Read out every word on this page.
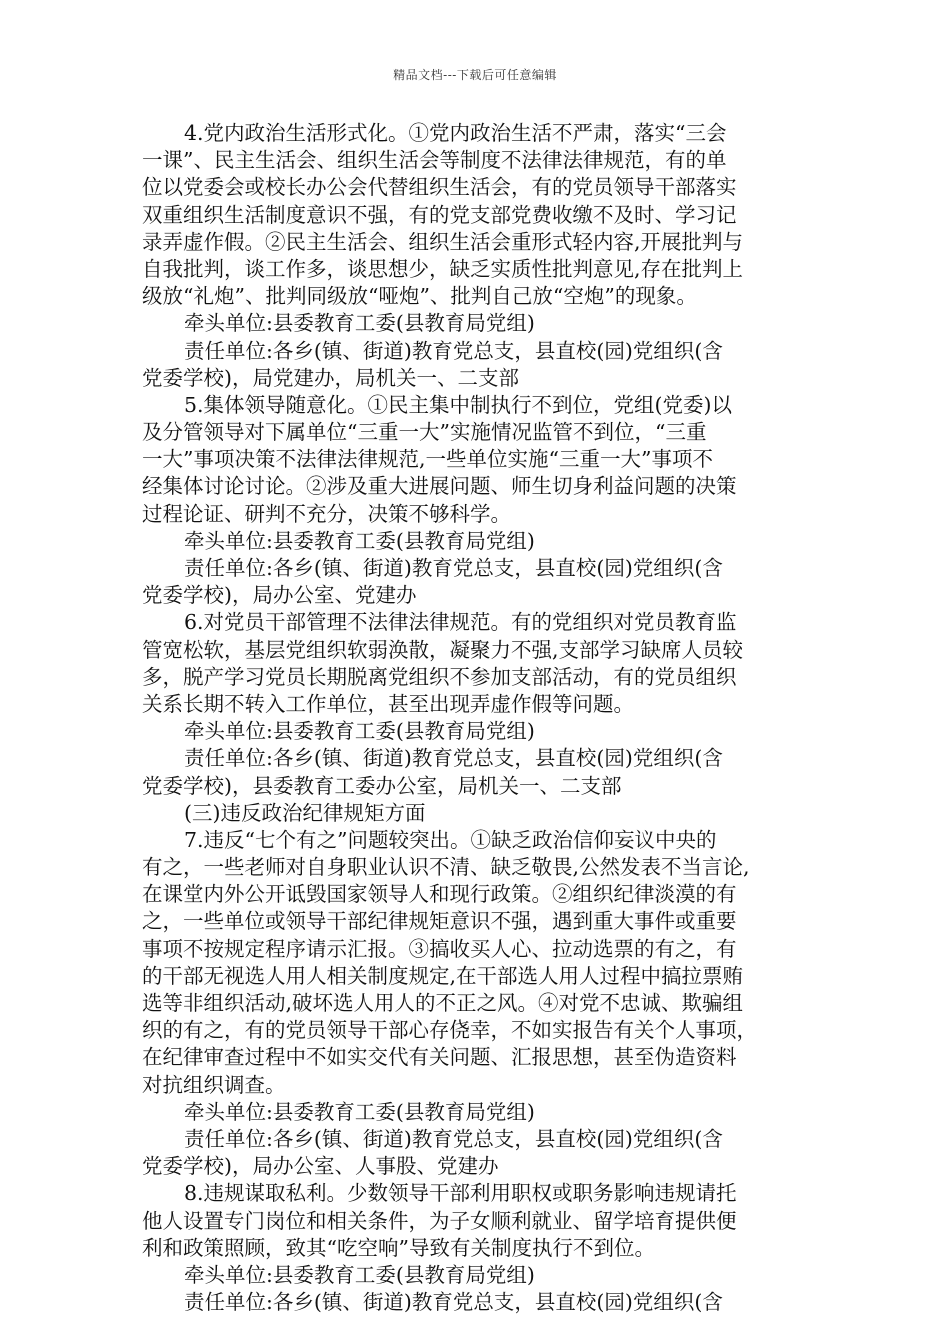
精品文档---下载后可任意编辑
4.党内政治生活形式化。①党内政治生活不严肃，落实“三会
一课”、民主生活会、组织生活会等制度不法律法律规范，有的单
位以党委会或校长办公会代替组织生活会，有的党员领导干部落实
双重组织生活制度意识不强，有的党支部党费收缴不及时、学习记
录弄虚作假。②民主生活会、组织生活会重形式轻内容,开展批判与
自我批判，谈工作多，谈思想少，缺乏实质性批判意见,存在批判上
级放“礼炮”、批判同级放“哑炮”、批判自己放“空炮”的现象。
牵头单位:县委教育工委(县教育局党组)
责任单位:各乡(镇、街道)教育党总支，县直校(园)党组织(含
党委学校)，局党建办，局机关一、二支部
5.集体领导随意化。①民主集中制执行不到位，党组(党委)以
及分管领导对下属单位“三重一大”实施情况监管不到位，“三重
一大”事项决策不法律法律规范,一些单位实施“三重一大”事项不
经集体讨论讨论。②涉及重大进展问题、师生切身利益问题的决策
过程论证、研判不充分，决策不够科学。
牵头单位:县委教育工委(县教育局党组)
责任单位:各乡(镇、街道)教育党总支，县直校(园)党组织(含
党委学校)，局办公室、党建办
6.对党员干部管理不法律法律规范。有的党组织对党员教育监
管宽松软，基层党组织软弱涣散，凝聚力不强,支部学习缺席人员较
多，脱产学习党员长期脱离党组织不参加支部活动，有的党员组织
关系长期不转入工作单位，甚至出现弄虚作假等问题。
牵头单位:县委教育工委(县教育局党组)
责任单位:各乡(镇、街道)教育党总支，县直校(园)党组织(含
党委学校)，县委教育工委办公室，局机关一、二支部
(三)违反政治纪律规矩方面
7.违反“七个有之”问题较突出。①缺乏政治信仰妄议中央的
有之，一些老师对自身职业认识不清、缺乏敬畏,公然发表不当言论,
在课堂内外公开诋毁国家领导人和现行政策。②组织纪律淡漠的有
之，一些单位或领导干部纪律规矩意识不强，遇到重大事件或重要
事项不按规定程序请示汇报。③搞收买人心、拉动选票的有之，有
的干部无视选人用人相关制度规定,在干部选人用人过程中搞拉票贿
选等非组织活动,破坏选人用人的不正之风。④对党不忠诚、欺骗组
织的有之，有的党员领导干部心存侥幸，不如实报告有关个人事项，
在纪律审查过程中不如实交代有关问题、汇报思想，甚至伪造资料
对抗组织调查。
牵头单位:县委教育工委(县教育局党组)
责任单位:各乡(镇、街道)教育党总支，县直校(园)党组织(含
党委学校)，局办公室、人事股、党建办
8.违规谋取私利。少数领导干部利用职权或职务影响违规请托
他人设置专门岗位和相关条件，为子女顺利就业、留学培育提供便
利和政策照顾，致其“吃空响”导致有关制度执行不到位。
牵头单位:县委教育工委(县教育局党组)
责任单位:各乡(镇、街道)教育党总支，县直校(园)党组织(含
